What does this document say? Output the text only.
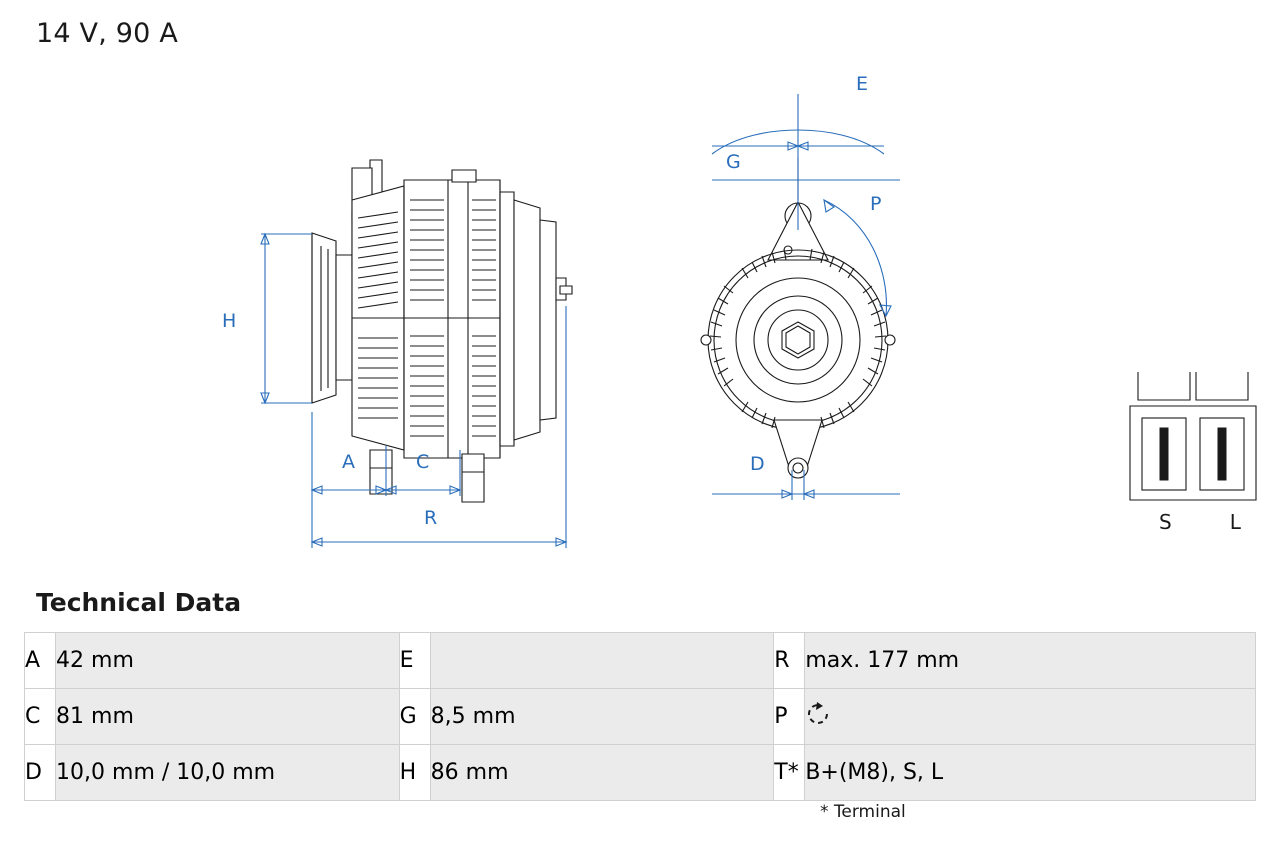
14 V, 90 A
H
A	C
R
E
G
P
D
S	L
Technical Data
A	42 mm	E		R	max. 177 mm
C	81 mm	G	8,5 mm	P	
D	10,0 mm / 10,0 mm	H	86 mm	T*	B+(M8), S, L
* Terminal
